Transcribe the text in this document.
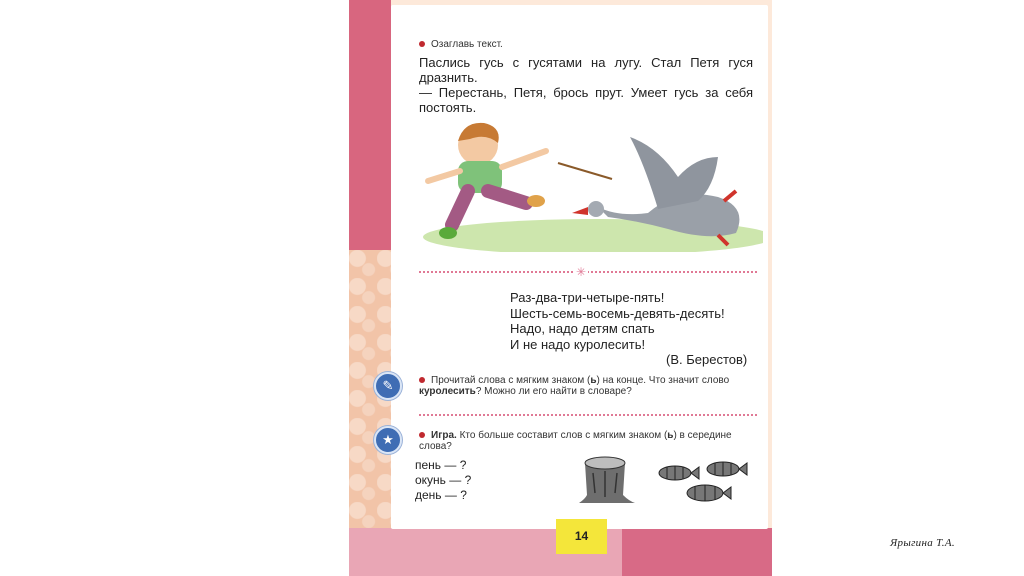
Озаглавь текст.
Паслись гусь с гусятами на лугу. Стал Петя гуся дразнить.
— Перестань, Петя, брось прут. Умеет гусь за себя постоять.
✳
Раз-два-три-четыре-пять!
Шесть-семь-восемь-девять-десять!
Надо, надо детям спать
И не надо куролесить!
(В. Берестов)
✎	Прочитай слова с мягким знаком (ь) на конце. Что значит слово куролесить? Можно ли его найти в словаре?
★	Игра. Кто больше составит слов с мягким знаком (ь) в середине слова?
пень — ?
окунь — ?
день — ?
14	Ярыгина Т.А.
